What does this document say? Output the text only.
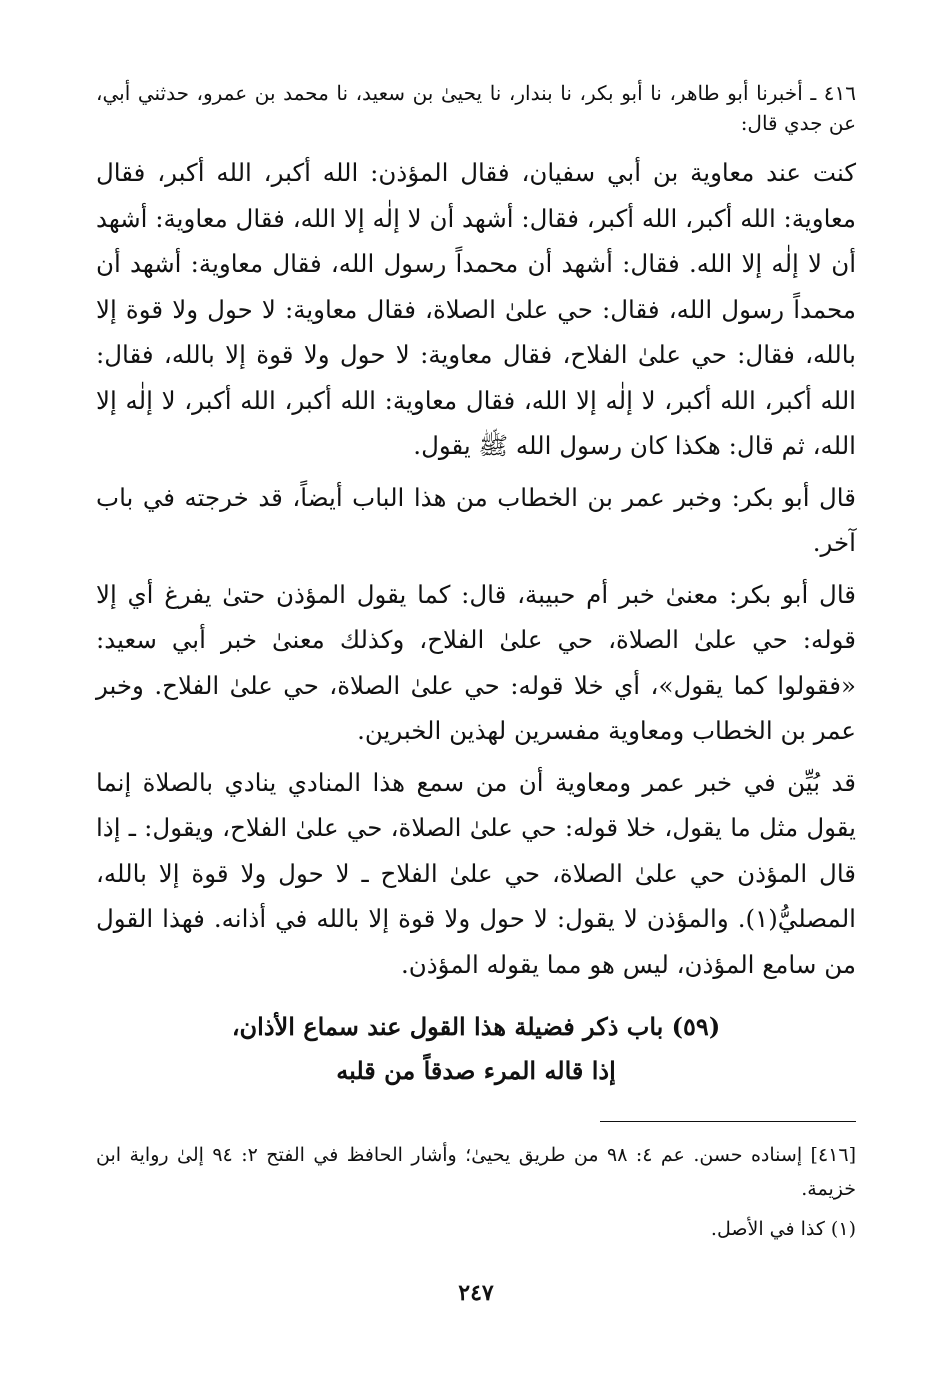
٤١٦ ـ أخبرنا أبو طاهر، نا أبو بكر، نا بندار، نا يحيىٰ بن سعيد، نا محمد بن عمرو، حدثني أبي، عن جدي قال:

كنت عند معاوية بن أبي سفيان، فقال المؤذن: الله أكبر، الله أكبر، فقال معاوية: الله أكبر، الله أكبر، فقال: أشهد أن لا إلٰه إلا الله، فقال معاوية: أشهد أن لا إلٰه إلا الله. فقال: أشهد أن محمداً رسول الله، فقال معاوية: أشهد أن محمداً رسول الله، فقال: حي علىٰ الصلاة، فقال معاوية: لا حول ولا قوة إلا بالله، فقال: حي علىٰ الفلاح، فقال معاوية: لا حول ولا قوة إلا بالله، فقال: الله أكبر، الله أكبر، لا إلٰه إلا الله، فقال معاوية: الله أكبر، الله أكبر، لا إلٰه إلا الله، ثم قال: هكذا كان رسول الله ﷺ يقول.

قال أبو بكر: وخبر عمر بن الخطاب من هذا الباب أيضاً، قد خرجته في باب آخر.

قال أبو بكر: معنىٰ خبر أم حبيبة، قال: كما يقول المؤذن حتىٰ يفرغ أي إلا قوله: حي علىٰ الصلاة، حي علىٰ الفلاح، وكذلك معنىٰ خبر أبي سعيد: «فقولوا كما يقول»، أي خلا قوله: حي علىٰ الصلاة، حي علىٰ الفلاح. وخبر عمر بن الخطاب ومعاوية مفسرين لهذين الخبرين.

قد بُيِّن في خبر عمر ومعاوية أن من سمع هذا المنادي ينادي بالصلاة إنما يقول مثل ما يقول، خلا قوله: حي علىٰ الصلاة، حي علىٰ الفلاح، ويقول: ـ إذا قال المؤذن حي علىٰ الصلاة، حي علىٰ الفلاح ـ لا حول ولا قوة إلا بالله، المصليُّ(١). والمؤذن لا يقول: لا حول ولا قوة إلا بالله في أذانه. فهذا القول من سامع المؤذن، ليس هو مما يقوله المؤذن.

(٥٩) باب ذكر فضيلة هذا القول عند سماع الأذان،
إذا قاله المرء صدقاً من قلبه

[٤١٦] إسناده حسن. عم ٤: ٩٨ من طريق يحيىٰ؛ وأشار الحافظ في الفتح ٢: ٩٤ إلىٰ رواية ابن خزيمة.

(١) كذا في الأصل.

٢٤٧
